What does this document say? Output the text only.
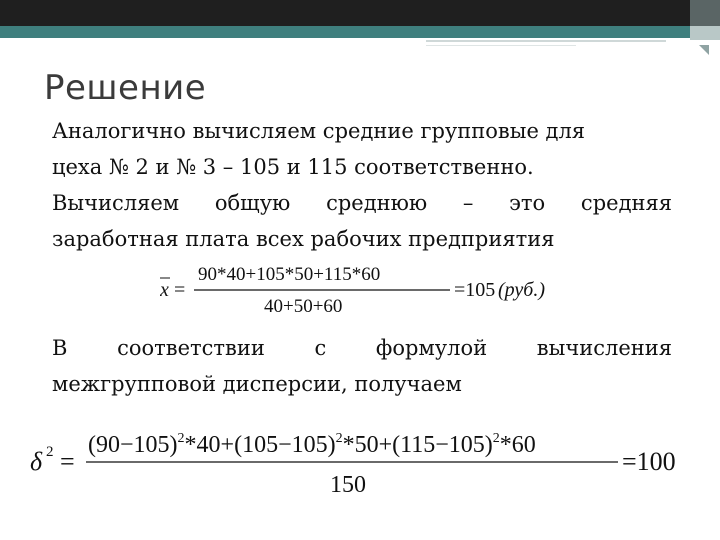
Решение
Аналогично вычисляем средние групповые для
цеха № 2 и № 3 – 105 и 115 соответственно.
Вычисляем общую среднюю – это средняя
заработная плата всех рабочих предприятия
x =
90*40+105*50+115*60
40+50+60
=105 (руб.)
В соответствии с формулой вычисления
межгрупповой дисперсии, получаем
δ 2 =
$(90-105)^2*40+(105-105)^2*50+(115-105)^2*60$
150
=100
